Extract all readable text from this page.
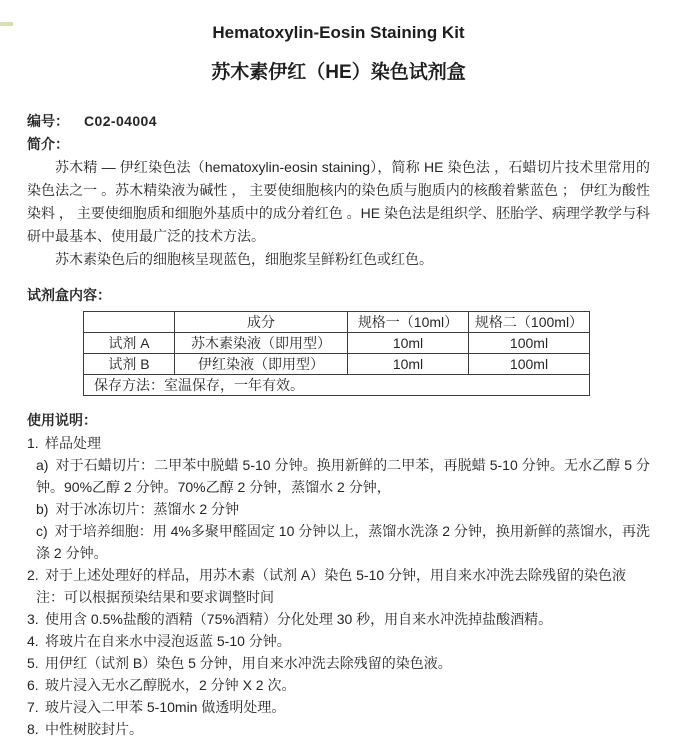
Hematoxylin-Eosin Staining Kit
苏木素伊红（HE）染色试剂盒
编号： C02-04004
简介：

苏木精 — 伊红染色法（hematoxylin-eosin staining），简称 HE 染色法 ，石蜡切片技术里常用的染色法之一 。苏木精染液为碱性 ， 主要使细胞核内的染色质与胞质内的核酸着紫蓝色 ； 伊红为酸性染料 ， 主要使细胞质和细胞外基质中的成分着红色 。HE 染色法是组织学、胚胎学、病理学教学与科研中最基本、使用最广泛的技术方法。

苏木素染色后的细胞核呈现蓝色，细胞浆呈鲜粉红色或红色。

试剂盒内容：
	成分	规格一（10ml）	规格二（100ml）
试剂 A	苏木素染液（即用型）	10ml	100ml
试剂 B	伊红染液（即用型）	10ml	100ml
保存方法：室温保存，一年有效。			
使用说明：
1. 样品处理
a) 对于石蜡切片：二甲苯中脱蜡 5-10 分钟。换用新鲜的二甲苯，再脱蜡 5-10 分钟。无水乙醇 5 分钟。90%乙醇 2 分钟。70%乙醇 2 分钟，蒸馏水 2 分钟，
b) 对于冰冻切片：蒸馏水 2 分钟
c) 对于培养细胞：用 4%多聚甲醛固定 10 分钟以上，蒸馏水洗涤 2 分钟，换用新鲜的蒸馏水，再洗涤 2 分钟。
2. 对于上述处理好的样品，用苏木素（试剂 A）染色 5-10 分钟，用自来水冲洗去除残留的染色液
注：可以根据预染结果和要求调整时间
3. 使用含 0.5%盐酸的酒精（75%酒精）分化处理 30 秒，用自来水冲洗掉盐酸酒精。
4. 将玻片在自来水中浸泡返蓝 5-10 分钟。
5. 用伊红（试剂 B）染色 5 分钟，用自来水冲洗去除残留的染色液。
6. 玻片浸入无水乙醇脱水，2 分钟 X 2 次。
7. 玻片浸入二甲苯 5-10min 做透明处理。
8. 中性树胶封片。
